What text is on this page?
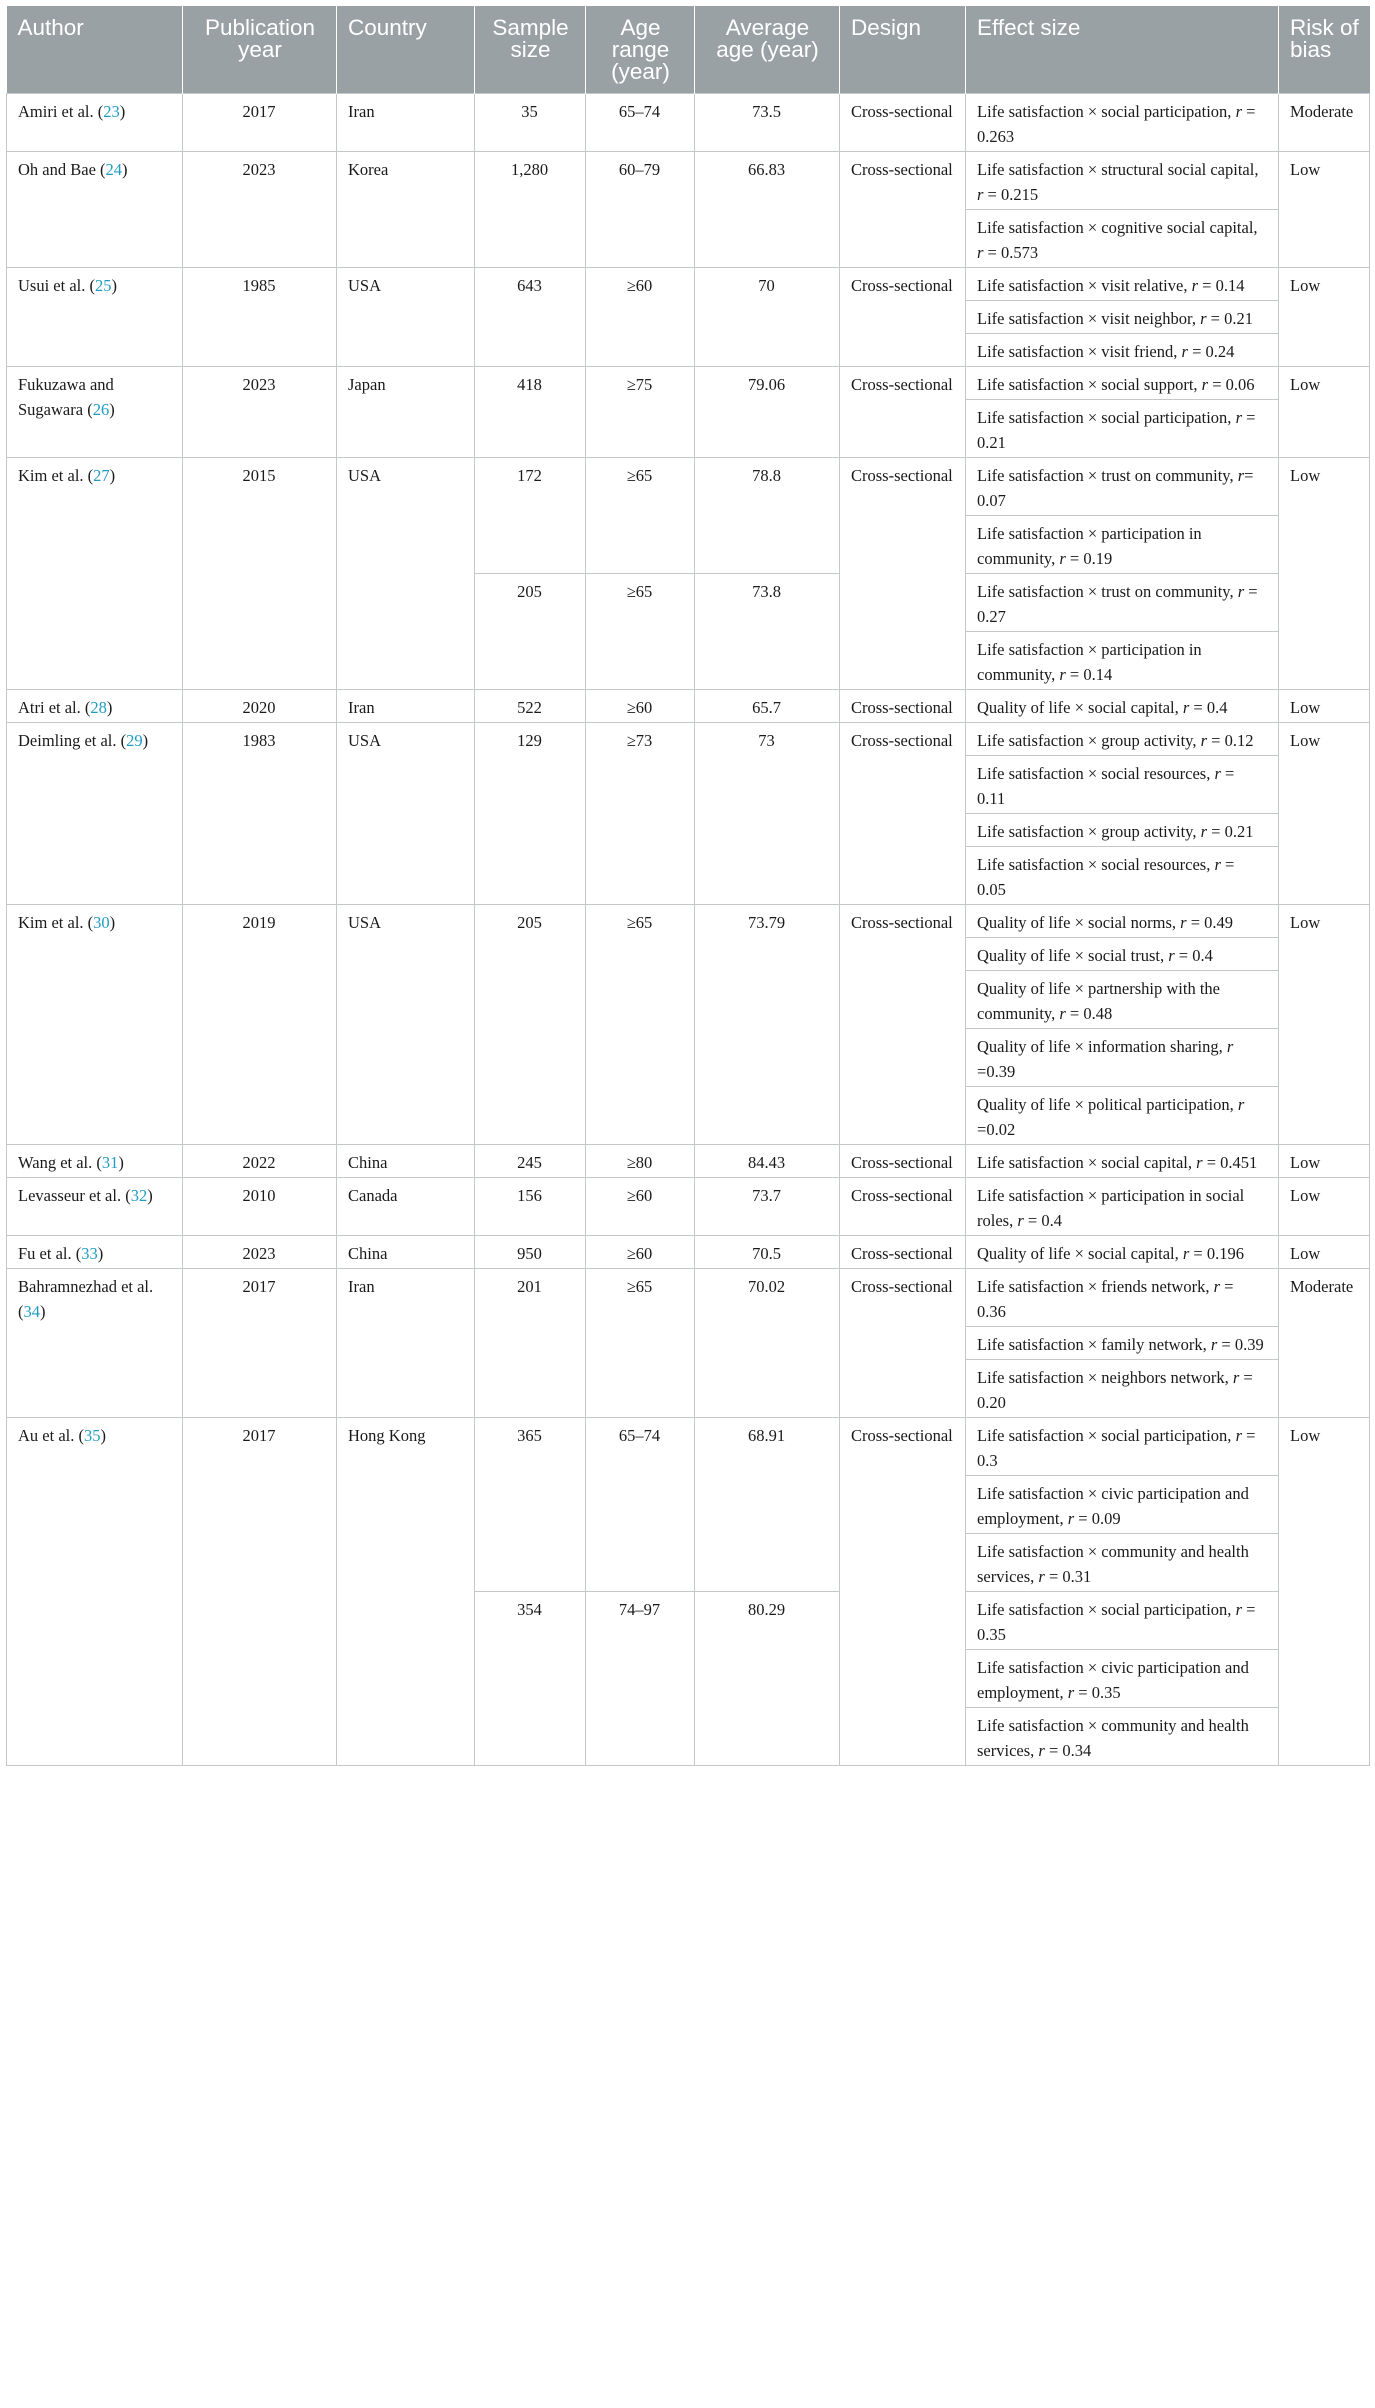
Author	Publication year	Country	Sample size	Age range (year)	Average age (year)	Design	Effect size	Risk of bias
Amiri et al. (23)	2017	Iran	35	65–74	73.5	Cross-sectional	Life satisfaction × social participation, r = 0.263	Moderate
Oh and Bae (24)	2023	Korea	1,280	60–79	66.83	Cross-sectional	Life satisfaction × structural social capital, r = 0.215	Low
							Life satisfaction × cognitive social capital, r = 0.573	
Usui et al. (25)	1985	USA	643	≥60	70	Cross-sectional	Life satisfaction × visit relative, r = 0.14	Low
							Life satisfaction × visit neighbor, r = 0.21	
							Life satisfaction × visit friend, r = 0.24	
Fukuzawa and Sugawara (26)	2023	Japan	418	≥75	79.06	Cross-sectional	Life satisfaction × social support, r = 0.06	Low
							Life satisfaction × social participation, r = 0.21	
Kim et al. (27)	2015	USA	172	≥65	78.8	Cross-sectional	Life satisfaction × trust on community, r= 0.07	Low
							Life satisfaction × participation in community, r = 0.19	
			205	≥65	73.8		Life satisfaction × trust on community, r = 0.27	
							Life satisfaction × participation in community, r = 0.14	
Atri et al. (28)	2020	Iran	522	≥60	65.7	Cross-sectional	Quality of life × social capital, r = 0.4	Low
Deimling et al. (29)	1983	USA	129	≥73	73	Cross-sectional	Life satisfaction × group activity, r = 0.12	Low
							Life satisfaction × social resources, r = 0.11	
							Life satisfaction × group activity, r = 0.21	
							Life satisfaction × social resources, r = 0.05	
Kim et al. (30)	2019	USA	205	≥65	73.79	Cross-sectional	Quality of life × social norms, r = 0.49	Low
							Quality of life × social trust, r = 0.4	
							Quality of life × partnership with the community, r = 0.48	
							Quality of life × information sharing, r =0.39	
							Quality of life × political participation, r =0.02	
Wang et al. (31)	2022	China	245	≥80	84.43	Cross-sectional	Life satisfaction × social capital, r = 0.451	Low
Levasseur et al. (32)	2010	Canada	156	≥60	73.7	Cross-sectional	Life satisfaction × participation in social roles, r = 0.4	Low
Fu et al. (33)	2023	China	950	≥60	70.5	Cross-sectional	Quality of life × social capital, r = 0.196	Low
Bahramnezhad et al. (34)	2017	Iran	201	≥65	70.02	Cross-sectional	Life satisfaction × friends network, r = 0.36	Moderate
							Life satisfaction × family network, r = 0.39	
							Life satisfaction × neighbors network, r = 0.20	
Au et al. (35)	2017	Hong Kong	365	65–74	68.91	Cross-sectional	Life satisfaction × social participation, r = 0.3	Low
							Life satisfaction × civic participation and employment, r = 0.09	
							Life satisfaction × community and health services, r = 0.31	
			354	74–97	80.29		Life satisfaction × social participation, r = 0.35	
							Life satisfaction × civic participation and employment, r = 0.35	
							Life satisfaction × community and health services, r = 0.34	
